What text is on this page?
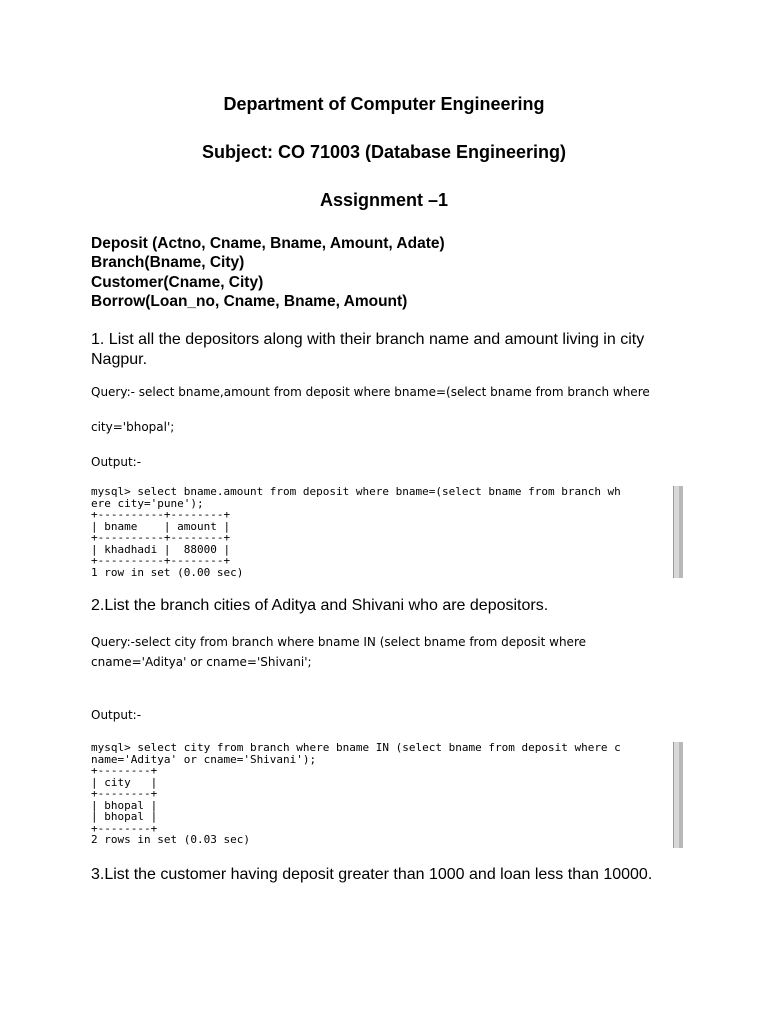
Department of Computer Engineering
Subject: CO 71003 (Database Engineering)
Assignment –1
Deposit (Actno, Cname, Bname, Amount, Adate)
Branch(Bname, City)
Customer(Cname, City)
Borrow(Loan_no, Cname, Bname, Amount)
1. List all the depositors along with their branch name and amount living in city
Nagpur.
Query:- select bname,amount from deposit where bname=(select bname from branch where
city='bhopal';
Output:-
mysql> select bname.amount from deposit where bname=(select bname from branch wh
ere city='pune');
+----------+--------+
| bname    | amount |
+----------+--------+
| khadhadi |  88000 |
+----------+--------+
1 row in set (0.00 sec)
2.List the branch cities of Aditya and Shivani who are depositors.
Query:-select city from branch where bname IN (select bname from deposit where
cname='Aditya' or cname='Shivani';
Output:-
mysql> select city from branch where bname IN (select bname from deposit where c
name='Aditya' or cname='Shivani');
+--------+
| city   |
+--------+
| bhopal |
| bhopal |
+--------+
2 rows in set (0.03 sec)
3.List the customer having deposit greater than 1000 and loan less than 10000.
